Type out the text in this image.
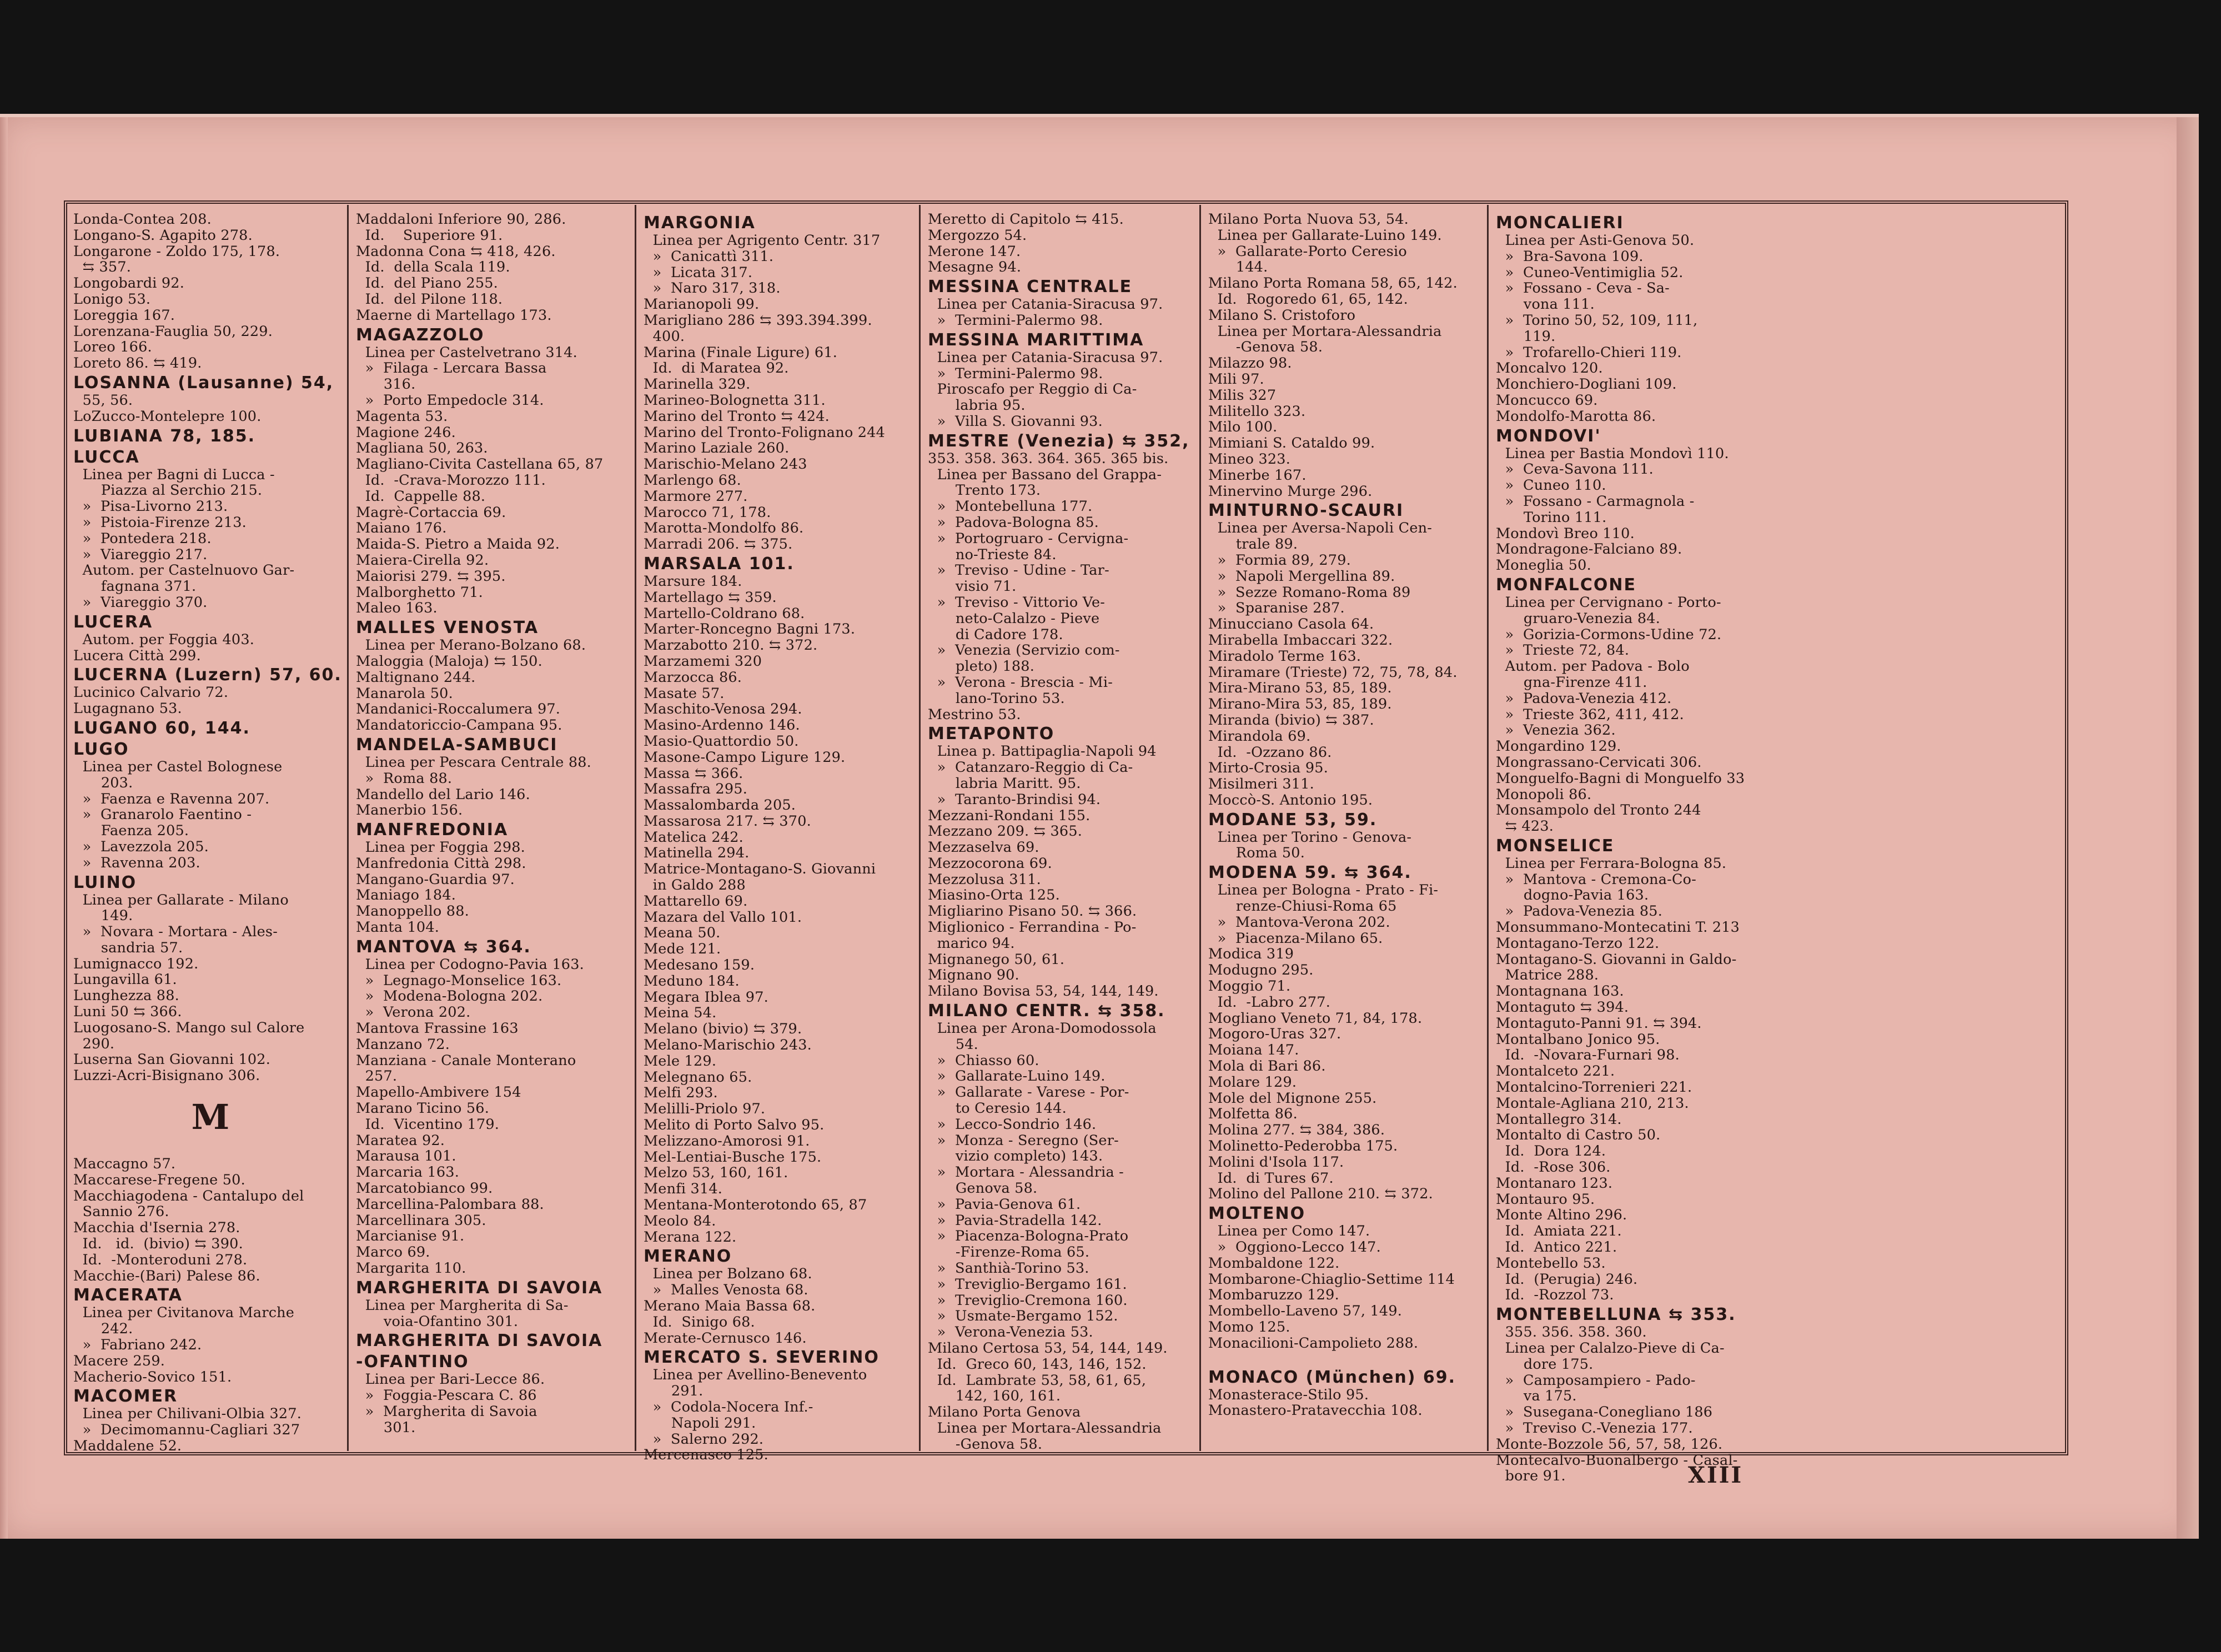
Londa-Contea 208.
Longano-S. Agapito 278.
Longarone - Zoldo 175, 178.
⇆ 357.
Longobardi 92.
Lonigo 53.
Loreggia 167.
Lorenzana-Fauglia 50, 229.
Loreo 166.
Loreto 86. ⇆ 419.
LOSANNA (Lausanne) 54,
55, 56.
LoZucco-Montelepre 100.
LUBIANA 78, 185.
LUCCA
Linea per Bagni di Lucca -
Piazza al Serchio 215.
»  Pisa-Livorno 213.
»  Pistoia-Firenze 213.
»  Pontedera 218.
»  Viareggio 217.
Autom. per Castelnuovo Gar-
fagnana 371.
»  Viareggio 370.
LUCERA
Autom. per Foggia 403.
Lucera Città 299.
LUCERNA (Luzern) 57, 60.
Lucinico Calvario 72.
Lugagnano 53.
LUGANO 60, 144.
LUGO
Linea per Castel Bolognese
203.
»  Faenza e Ravenna 207.
»  Granarolo Faentino -
Faenza 205.
»  Lavezzola 205.
»  Ravenna 203.
LUINO
Linea per Gallarate - Milano
149.
»  Novara - Mortara - Ales-
sandria 57.
Lumignacco 192.
Lungavilla 61.
Lunghezza 88.
Luni 50 ⇆ 366.
Luogosano-S. Mango sul Calore
290.
Luserna San Giovanni 102.
Luzzi-Acri-Bisignano 306.
M
Maccagno 57.
Maccarese-Fregene 50.
Macchiagodena - Cantalupo del
Sannio 276.
Macchia d'Isernia 278.
Id.   id.  (bivio) ⇆ 390.
Id.  -Monteroduni 278.
Macchie-(Bari) Palese 86.
MACERATA
Linea per Civitanova Marche
242.
»  Fabriano 242.
Macere 259.
Macherio-Sovico 151.
MACOMER
Linea per Chilivani-Olbia 327.
»  Decimomannu-Cagliari 327
Maddalene 52.
Maddaloni Inferiore 90, 286.
Id.    Superiore 91.
Madonna Cona ⇆ 418, 426.
Id.  della Scala 119.
Id.  del Piano 255.
Id.  del Pilone 118.
Maerne di Martellago 173.
MAGAZZOLO
Linea per Castelvetrano 314.
»  Filaga - Lercara Bassa
316.
»  Porto Empedocle 314.
Magenta 53.
Magione 246.
Magliana 50, 263.
Magliano-Civita Castellana 65, 87
Id.  -Crava-Morozzo 111.
Id.  Cappelle 88.
Magrè-Cortaccia 69.
Maiano 176.
Maida-S. Pietro a Maida 92.
Maiera-Cirella 92.
Maiorisi 279. ⇆ 395.
Malborghetto 71.
Maleo 163.
MALLES VENOSTA
Linea per Merano-Bolzano 68.
Maloggia (Maloja) ⇆ 150.
Maltignano 244.
Manarola 50.
Mandanici-Roccalumera 97.
Mandatoriccio-Campana 95.
MANDELA-SAMBUCI
Linea per Pescara Centrale 88.
»  Roma 88.
Mandello del Lario 146.
Manerbio 156.
MANFREDONIA
Linea per Foggia 298.
Manfredonia Città 298.
Mangano-Guardia 97.
Maniago 184.
Manoppello 88.
Manta 104.
MANTOVA ⇆ 364.
Linea per Codogno-Pavia 163.
»  Legnago-Monselice 163.
»  Modena-Bologna 202.
»  Verona 202.
Mantova Frassine 163
Manzano 72.
Manziana - Canale Monterano
257.
Mapello-Ambivere 154
Marano Ticino 56.
Id.  Vicentino 179.
Maratea 92.
Marausa 101.
Marcaria 163.
Marcatobianco 99.
Marcellina-Palombara 88.
Marcellinara 305.
Marcianise 91.
Marco 69.
Margarita 110.
MARGHERITA DI SAVOIA
Linea per Margherita di Sa-
voia-Ofantino 301.
MARGHERITA DI SAVOIA
-OFANTINO
Linea per Bari-Lecce 86.
»  Foggia-Pescara C. 86
»  Margherita di Savoia
301.
MARGONIA
Linea per Agrigento Centr. 317
»  Canicattì 311.
»  Licata 317.
»  Naro 317, 318.
Marianopoli 99.
Marigliano 286 ⇆ 393.394.399.
400.
Marina (Finale Ligure) 61.
Id.  di Maratea 92.
Marinella 329.
Marineo-Bolognetta 311.
Marino del Tronto ⇆ 424.
Marino del Tronto-Folignano 244
Marino Laziale 260.
Marischio-Melano 243
Marlengo 68.
Marmore 277.
Marocco 71, 178.
Marotta-Mondolfo 86.
Marradi 206. ⇆ 375.
MARSALA 101.
Marsure 184.
Martellago ⇆ 359.
Martello-Coldrano 68.
Marter-Roncegno Bagni 173.
Marzabotto 210. ⇆ 372.
Marzamemi 320
Marzocca 86.
Masate 57.
Maschito-Venosa 294.
Masino-Ardenno 146.
Masio-Quattordio 50.
Masone-Campo Ligure 129.
Massa ⇆ 366.
Massafra 295.
Massalombarda 205.
Massarosa 217. ⇆ 370.
Matelica 242.
Matinella 294.
Matrice-Montagano-S. Giovanni
in Galdo 288
Mattarello 69.
Mazara del Vallo 101.
Meana 50.
Mede 121.
Medesano 159.
Meduno 184.
Megara Iblea 97.
Meina 54.
Melano (bivio) ⇆ 379.
Melano-Marischio 243.
Mele 129.
Melegnano 65.
Melfi 293.
Melilli-Priolo 97.
Melito di Porto Salvo 95.
Melizzano-Amorosi 91.
Mel-Lentiai-Busche 175.
Melzo 53, 160, 161.
Menfi 314.
Mentana-Monterotondo 65, 87
Meolo 84.
Merana 122.
MERANO
Linea per Bolzano 68.
»  Malles Venosta 68.
Merano Maia Bassa 68.
Id.  Sinigo 68.
Merate-Cernusco 146.
MERCATO S. SEVERINO
Linea per Avellino-Benevento
291.
»  Codola-Nocera Inf.-
Napoli 291.
»  Salerno 292.
Mercenasco 125.
Meretto di Capitolo ⇆ 415.
Mergozzo 54.
Merone 147.
Mesagne 94.
MESSINA CENTRALE
Linea per Catania-Siracusa 97.
»  Termini-Palermo 98.
MESSINA MARITTIMA
Linea per Catania-Siracusa 97.
»  Termini-Palermo 98.
Piroscafo per Reggio di Ca-
labria 95.
»  Villa S. Giovanni 93.
MESTRE (Venezia) ⇆ 352,
353. 358. 363. 364. 365. 365 bis.
Linea per Bassano del Grappa-
Trento 173.
»  Montebelluna 177.
»  Padova-Bologna 85.
»  Portogruaro - Cervigna-
no-Trieste 84.
»  Treviso - Udine - Tar-
visio 71.
»  Treviso - Vittorio Ve-
neto-Calalzo - Pieve
di Cadore 178.
»  Venezia (Servizio com-
pleto) 188.
»  Verona - Brescia - Mi-
lano-Torino 53.
Mestrino 53.
METAPONTO
Linea p. Battipaglia-Napoli 94
»  Catanzaro-Reggio di Ca-
labria Maritt. 95.
»  Taranto-Brindisi 94.
Mezzani-Rondani 155.
Mezzano 209. ⇆ 365.
Mezzaselva 69.
Mezzocorona 69.
Mezzolusa 311.
Miasino-Orta 125.
Migliarino Pisano 50. ⇆ 366.
Miglionico - Ferrandina - Po-
marico 94.
Mignanego 50, 61.
Mignano 90.
Milano Bovisa 53, 54, 144, 149.
MILANO CENTR. ⇆ 358.
Linea per Arona-Domodossola
54.
»  Chiasso 60.
»  Gallarate-Luino 149.
»  Gallarate - Varese - Por-
to Ceresio 144.
»  Lecco-Sondrio 146.
»  Monza - Seregno (Ser-
vizio completo) 143.
»  Mortara - Alessandria -
Genova 58.
»  Pavia-Genova 61.
»  Pavia-Stradella 142.
»  Piacenza-Bologna-Prato
-Firenze-Roma 65.
»  Santhià-Torino 53.
»  Treviglio-Bergamo 161.
»  Treviglio-Cremona 160.
»  Usmate-Bergamo 152.
»  Verona-Venezia 53.
Milano Certosa 53, 54, 144, 149.
Id.  Greco 60, 143, 146, 152.
Id.  Lambrate 53, 58, 61, 65,
142, 160, 161.
Milano Porta Genova
Linea per Mortara-Alessandria
-Genova 58.
Milano Porta Nuova 53, 54.
Linea per Gallarate-Luino 149.
»  Gallarate-Porto Ceresio
144.
Milano Porta Romana 58, 65, 142.
Id.  Rogoredo 61, 65, 142.
Milano S. Cristoforo
Linea per Mortara-Alessandria
-Genova 58.
Milazzo 98.
Mili 97.
Milis 327
Militello 323.
Milo 100.
Mimiani S. Cataldo 99.
Mineo 323.
Minerbe 167.
Minervino Murge 296.
MINTURNO-SCAURI
Linea per Aversa-Napoli Cen-
trale 89.
»  Formia 89, 279.
»  Napoli Mergellina 89.
»  Sezze Romano-Roma 89
»  Sparanise 287.
Minucciano Casola 64.
Mirabella Imbaccari 322.
Miradolo Terme 163.
Miramare (Trieste) 72, 75, 78, 84.
Mira-Mirano 53, 85, 189.
Mirano-Mira 53, 85, 189.
Miranda (bivio) ⇆ 387.
Mirandola 69.
Id.  -Ozzano 86.
Mirto-Crosia 95.
Misilmeri 311.
Moccò-S. Antonio 195.
MODANE 53, 59.
Linea per Torino - Genova-
Roma 50.
MODENA 59. ⇆ 364.
Linea per Bologna - Prato - Fi-
renze-Chiusi-Roma 65
»  Mantova-Verona 202.
»  Piacenza-Milano 65.
Modica 319
Modugno 295.
Moggio 71.
Id.  -Labro 277.
Mogliano Veneto 71, 84, 178.
Mogoro-Uras 327.
Moiana 147.
Mola di Bari 86.
Molare 129.
Mole del Mignone 255.
Molfetta 86.
Molina 277. ⇆ 384, 386.
Molinetto-Pederobba 175.
Molini d'Isola 117.
Id.  di Tures 67.
Molino del Pallone 210. ⇆ 372.
MOLTENO
Linea per Como 147.
»  Oggiono-Lecco 147.
Mombaldone 122.
Mombarone-Chiaglio-Settime 114
Mombaruzzo 129.
Mombello-Laveno 57, 149.
Momo 125.
Monacilioni-Campolieto 288.
MONACO (München) 69.
Monasterace-Stilo 95.
Monastero-Pratavecchia 108.
MONCALIERI
Linea per Asti-Genova 50.
»  Bra-Savona 109.
»  Cuneo-Ventimiglia 52.
»  Fossano - Ceva - Sa-
vona 111.
»  Torino 50, 52, 109, 111,
119.
»  Trofarello-Chieri 119.
Moncalvo 120.
Monchiero-Dogliani 109.
Moncucco 69.
Mondolfo-Marotta 86.
MONDOVI'
Linea per Bastia Mondovì 110.
»  Ceva-Savona 111.
»  Cuneo 110.
»  Fossano - Carmagnola -
Torino 111.
Mondovì Breo 110.
Mondragone-Falciano 89.
Moneglia 50.
MONFALCONE
Linea per Cervignano - Porto-
gruaro-Venezia 84.
»  Gorizia-Cormons-Udine 72.
»  Trieste 72, 84.
Autom. per Padova - Bolo
gna-Firenze 411.
»  Padova-Venezia 412.
»  Trieste 362, 411, 412.
»  Venezia 362.
Mongardino 129.
Mongrassano-Cervicati 306.
Monguelfo-Bagni di Monguelfo 33
Monopoli 86.
Monsampolo del Tronto 244
⇆ 423.
MONSELICE
Linea per Ferrara-Bologna 85.
»  Mantova - Cremona-Co-
dogno-Pavia 163.
»  Padova-Venezia 85.
Monsummano-Montecatini T. 213
Montagano-Terzo 122.
Montagano-S. Giovanni in Galdo-
Matrice 288.
Montagnana 163.
Montaguto ⇆ 394.
Montaguto-Panni 91. ⇆ 394.
Montalbano Jonico 95.
Id.  -Novara-Furnari 98.
Montalceto 221.
Montalcino-Torrenieri 221.
Montale-Agliana 210, 213.
Montallegro 314.
Montalto di Castro 50.
Id.  Dora 124.
Id.  -Rose 306.
Montanaro 123.
Montauro 95.
Monte Altino 296.
Id.  Amiata 221.
Id.  Antico 221.
Montebello 53.
Id.  (Perugia) 246.
Id.  -Rozzol 73.
MONTEBELLUNA ⇆ 353.
355. 356. 358. 360.
Linea per Calalzo-Pieve di Ca-
dore 175.
»  Camposampiero - Pado-
va 175.
»  Susegana-Conegliano 186
»  Treviso C.-Venezia 177.
Monte-Bozzole 56, 57, 58, 126.
Montecalvo-Buonalbergo - Casal-
bore 91.	XIII
